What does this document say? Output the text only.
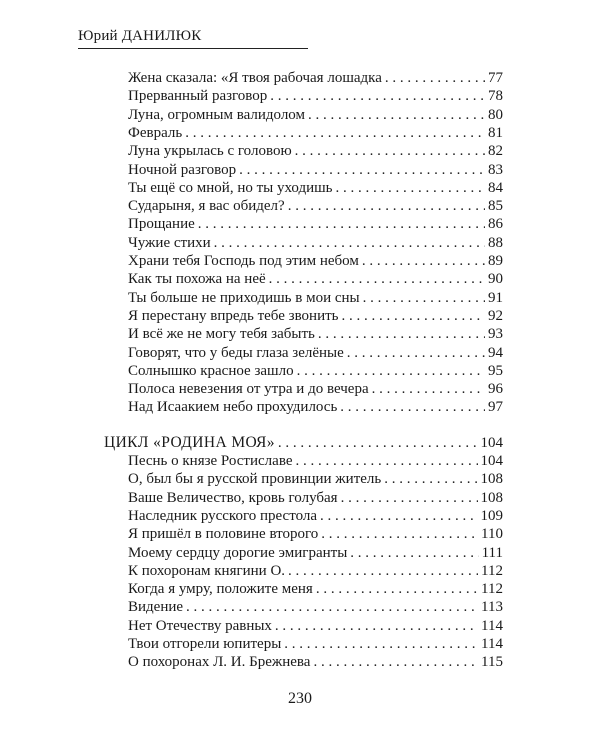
Юрий ДАНИЛЮК
Жена сказала: «Я твоя рабочая лошадка . . .	77
Прерванный разговор . . .	78
Луна, огромным валидолом . . .	80
Февраль . . .	81
Луна укрылась с головою . . .	82
Ночной разговор . . .	83
Ты ещё со мной, но ты уходишь . . .	84
Сударыня, я вас обидел? . . .	85
Прощание . . .	86
Чужие стихи . . .	88
Храни тебя Господь под этим небом . . .	89
Как ты похожа на неё . . .	90
Ты больше не приходишь в мои сны . . .	91
Я перестану впредь тебе звонить . . .	92
И всё же не могу тебя забыть . . .	93
Говорят, что у беды глаза зелёные . . .	94
Солнышко красное зашло . . .	95
Полоса невезения от утра и до вечера . . .	96
Над Исаакием небо прохудилось . . .	97
ЦИКЛ «РОДИНА МОЯ» . . .	104
Песнь о князе Ростиславе . . .	104
О, был бы я русской провинции житель . . .	108
Ваше Величество, кровь голубая . . .	108
Наследник русского престола . . .	109
Я пришёл в половине второго . . .	110
Моему сердцу дорогие эмигранты . . .	111
К похоронам княгини О. . . .	112
Когда я умру, положите меня . . .	112
Видение . . .	113
Нет Отечеству равных . . .	114
Твои отгорели юпитеры . . .	114
О похоронах Л. И. Брежнева . . .	115
230
